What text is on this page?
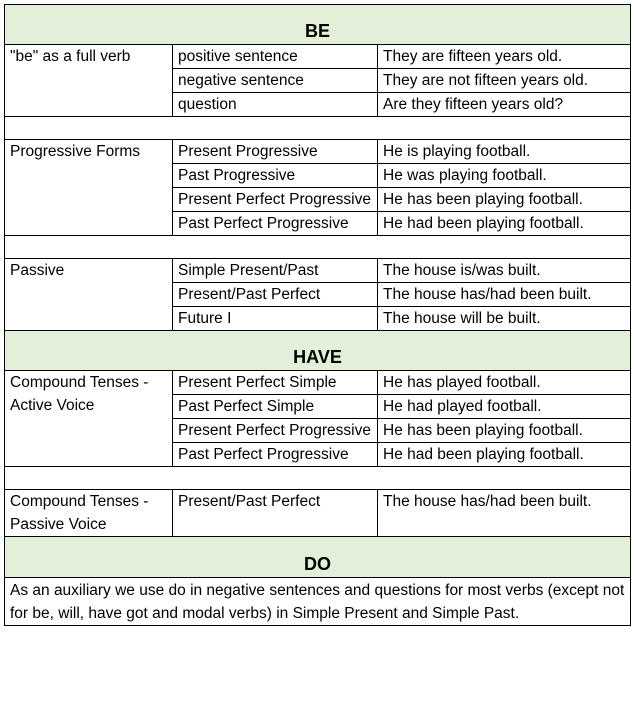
BE		
"be" as a full verb	positive sentence	They are fifteen years old.
	negative sentence	They are not fifteen years old.
	question	Are they fifteen years old?

Progressive Forms	Present Progressive	He is playing football.
	Past Progressive	He was playing football.
	Present Perfect Progressive	He has been playing football.
	Past Perfect Progressive	He had been playing football.

Passive	Simple Present/Past	The house is/was built.
	Present/Past Perfect	The house has/had been built.
	Future I	The house will be built.
HAVE		
Compound Tenses - Active Voice	Present Perfect Simple	He has played football.
	Past Perfect Simple	He had played football.
	Present Perfect Progressive	He has been playing football.
	Past Perfect Progressive	He had been playing football.

Compound Tenses - Passive Voice	Present/Past Perfect	The house has/had been built.
DO		
As an auxiliary we use do in negative sentences and questions for most verbs (except not for be, will, have got and modal verbs) in Simple Present and Simple Past.		
